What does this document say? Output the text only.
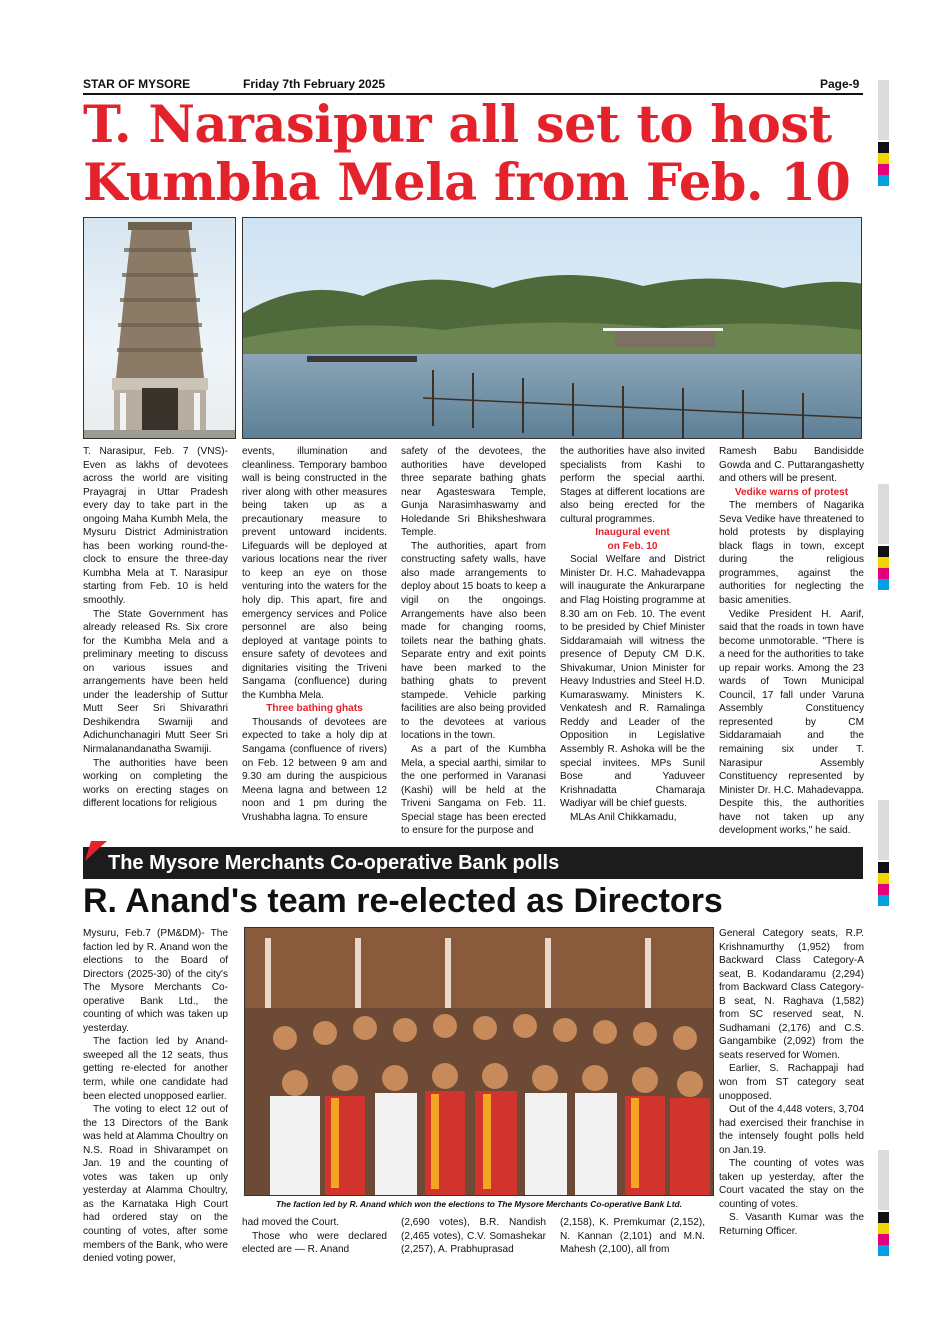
STAR OF MYSORE	Friday 7th February 2025	Page-9
T. Narasipur all set to host
Kumbha Mela from Feb. 10

T. Narasipur, Feb. 7 (VNS)- Even as lakhs of devotees across the world are visiting Prayagraj in Uttar Pradesh every day to take part in the ongoing Maha Kumbh Mela, the Mysuru District Administration has been working round-the-clock to ensure the three-day Kumbha Mela at T. Narasipur starting from Feb. 10 is held smoothly.

The State Government has already released Rs. Six crore for the Kumbha Mela and a preliminary meeting to discuss on various issues and arrangements have been held under the leadership of Suttur Mutt Seer Sri Shivarathri Deshikendra Swamiji and Adichunchanagiri Mutt Seer Sri Nirmalanandanatha Swamiji.

The authorities have been working on completing the works on erecting stages on different locations for religious

events, illumination and cleanliness. Temporary bamboo wall is being constructed in the river along with other measures being taken up as a precautionary measure to prevent untoward incidents. Lifeguards will be deployed at various locations near the river to keep an eye on those venturing into the waters for the holy dip. This apart, fire and emergency services and Police personnel are also being deployed at vantage points to ensure safety of devotees and dignitaries visiting the Triveni Sangama (confluence) during the Kumbha Mela.

Three bathing ghats

Thousands of devotees are expected to take a holy dip at Sangama (confluence of rivers) on Feb. 12 between 9 am and 9.30 am during the auspicious Meena lagna and between 12 noon and 1 pm during the Vrushabha lagna. To ensure

safety of the devotees, the authorities have developed three separate bathing ghats near Agasteswara Temple, Gunja Narasimhaswamy and Holedande Sri Bhiksheshwara Temple.

The authorities, apart from constructing safety walls, have also made arrangements to deploy about 15 boats to keep a vigil on the ongoings. Arrangements have also been made for changing rooms, toilets near the bathing ghats. Separate entry and exit points have been marked to the bathing ghats to prevent stampede. Vehicle parking facilities are also being provided to the devotees at various locations in the town.

As a part of the Kumbha Mela, a special aarthi, similar to the one performed in Varanasi (Kashi) will be held at the Triveni Sangama on Feb. 11. Special stage has been erected to ensure for the purpose and

the authorities have also invited specialists from Kashi to perform the special aarthi. Stages at different locations are also being erected for the cultural programmes.

Inaugural event

on Feb. 10

Social Welfare and District Minister Dr. H.C. Mahadevappa will inaugurate the Ankurarpane and Flag Hoisting programme at 8.30 am on Feb. 10. The event to be presided by Chief Minister Siddaramaiah will witness the presence of Deputy CM D.K. Shivakumar, Union Minister for Heavy Industries and Steel H.D. Kumaraswamy. Ministers K. Venkatesh and R. Ramalinga Reddy and Leader of the Opposition in Legislative Assembly R. Ashoka will be the special invitees. MPs Sunil Bose and Yaduveer Krishnadatta Chamaraja Wadiyar will be chief guests.

MLAs Anil Chikkamadu,

Ramesh Babu Bandisidde Gowda and C. Puttarangashetty and others will be present.

Vedike warns of protest

The members of Nagarika Seva Vedike have threatened to hold protests by displaying black flags in town, except during the religious programmes, against the authorities for neglecting the basic amenities.

Vedike President H. Aarif, said that the roads in town have become unmotorable. "There is a need for the authorities to take up repair works. Among the 23 wards of Town Municipal Council, 17 fall under Varuna Assembly Constituency represented by CM Siddaramaiah and the remaining six under T. Narasipur Assembly Constituency represented by Minister Dr. H.C. Mahadevappa. Despite this, the authorities have not taken up any development works," he said.

The Mysore Merchants Co-operative Bank polls
R. Anand's team re-elected as Directors
The faction led by R. Anand which won the elections to The Mysore Merchants Co-operative Bank Ltd.

Mysuru, Feb.7 (PM&DM)- The faction led by R. Anand won the elections to the Board of Directors (2025-30) of the city's The Mysore Merchants Co-operative Bank Ltd., the counting of which was taken up yesterday.

The faction led by Anand- sweeped all the 12 seats, thus getting re-elected for another term, while one candidate had been elected unopposed earlier.

The voting to elect 12 out of the 13 Directors of the Bank was held at Alamma Choultry on N.S. Road in Shivarampet on Jan. 19 and the counting of votes was taken up only yesterday at Alamma Choultry, as the Karnataka High Court had ordered stay on the counting of votes, after some members of the Bank, who were denied voting power,

had moved the Court.

Those who were declared elected are — R. Anand

(2,690 votes), B.R. Nandish (2,465 votes), C.V. Somashekar (2,257), A. Prabhuprasad

(2,158), K. Premkumar (2,152), N. Kannan (2,101) and M.N. Mahesh (2,100), all from

General Category seats, R.P. Krishnamurthy (1,952) from Backward Class Category-A seat, B. Kodandaramu (2,294) from Backward Class Category-B seat, N. Raghava (1,582) from SC reserved seat, N. Sudhamani (2,176) and C.S. Gangambike (2,092) from the seats reserved for Women.

Earlier, S. Rachappaji had won from ST category seat unopposed.

Out of the 4,448 voters, 3,704 had exercised their franchise in the intensely fought polls held on Jan.19.

The counting of votes was taken up yesterday, after the Court vacated the stay on the counting of votes.

S. Vasanth Kumar was the Returning Officer.
